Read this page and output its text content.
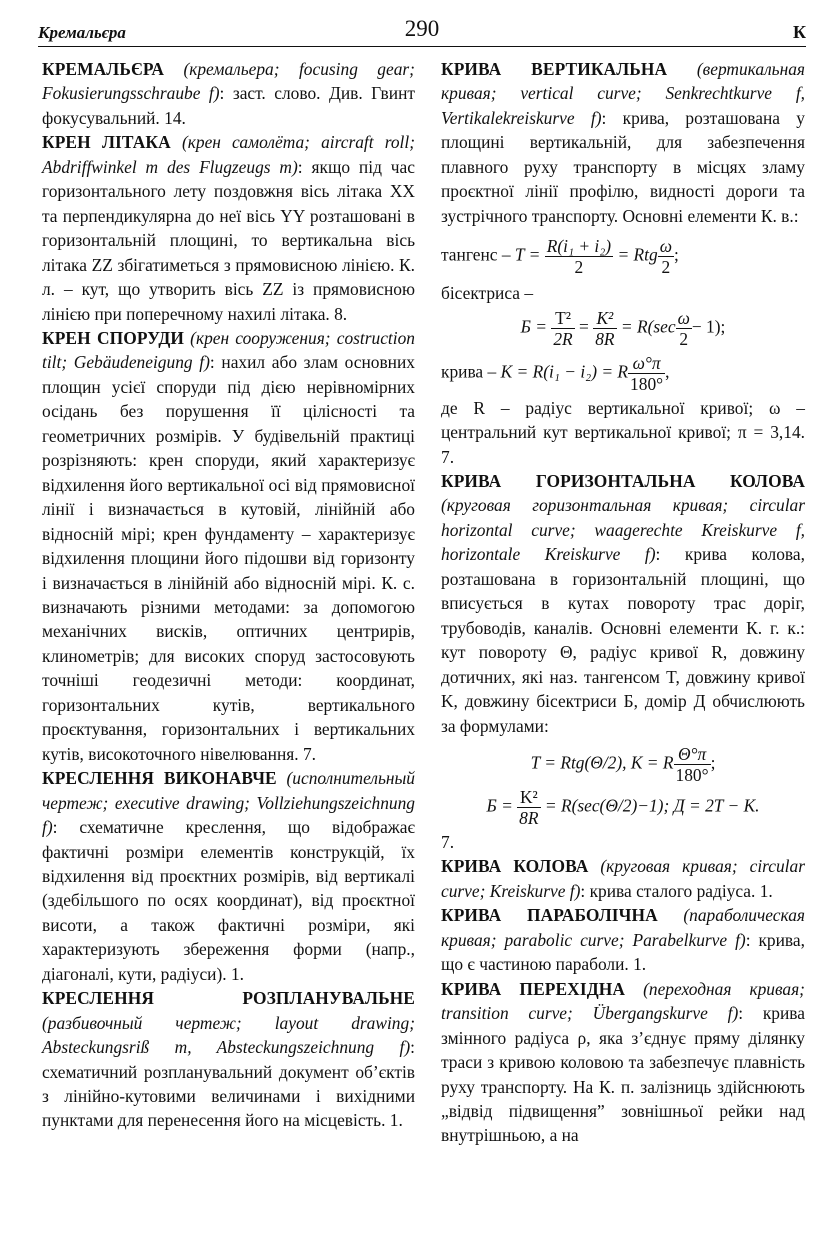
Кремальєра	290	К

КРЕМАЛЬЄРА (кремальера; focusing gear; Fokusierungsschraube f): заст. слово. Див. Гвинт фокусувальний. 14.

КРЕН ЛІТАКА (крен самолёта; aircraft roll; Abdriffwinkel m des Flugzeugs m): якщо під час горизонтального лету поздовжня вісь літака XX та перпендикулярна до неї вісь YY розташовані в горизонтальній площині, то вертикальна вісь літака ZZ збігатиметься з прямовисною лінією. К. л. – кут, що утворить вісь ZZ із прямовисною лінією при поперечному нахилі літака. 8.

КРЕН СПОРУДИ (крен сооружения; costruction tilt; Gebäudeneigung f): нахил або злам основних площин усієї споруди під дією нерівномірних осідань без порушення її цілісності та геометричних розмірів. У будівельній практиці розрізняють: крен споруди, який характеризує відхилення його вертикальної осі від прямовисної лінії і визначається в кутовій, лінійній або відносній мірі; крен фундаменту – характеризує відхилення площини його підошви від горизонту і визначається в лінійній або відносній мірі. К. с. визначають різними методами: за допомогою механічних висків, оптичних центрирів, клинометрів; для високих споруд застосовують точніші геодезичні методи: координат, горизонтальних кутів, вертикального проєктування, горизонтальних і вертикальних кутів, високоточного нівелювання. 7.

КРЕСЛЕННЯ ВИКОНАВЧЕ (исполнительный чертеж; executive drawing; Vollziehungszeichnung f): схематичне креслення, що відображає фактичні розміри елементів конструкцій, їх відхилення від проєктних розмірів, від вертикалі (здебільшого по осях координат), від проєктної висоти, а також фактичні розміри, які характеризують збереження форми (напр., діагоналі, кути, радіуси). 1.

КРЕСЛЕННЯ РОЗПЛАНУВАЛЬНЕ (разбивочный чертеж; layout drawing; Absteckungsriß m, Absteckungszeichnung f): схематичний розпланувальний документ об’єктів з лінійно-кутовими величинами і вихідними пунктами для перенесення його на місцевість. 1.

КРИВА ВЕРТИКАЛЬНА (вертикальная кривая; vertical curve; Senkrechtkurve f, Vertikalekreiskurve f): крива, розташована у площині вертикальній, для забезпечення плавного руху транспорту в місцях зламу проєктної лінії профілю, видності дороги та зустрічного транспорту. Основні елементи К. в.:

тангенс – $T = \frac{\text{R(i₁ + i₂)}}{2}$ = Rtg $\frac{\omega}{2}$ ;
бісектриса –
$Б = \frac{\text{T²}}{2R} = \frac{\text{K²}}{8R} = R(\sec \frac{\omega}{2} - 1)$;
крива – K = R(i₁ − i₂) = R $\frac{\omega^\circ\pi}{180^\circ}$ ,

де R – радіус вертикальної кривої; ω – центральний кут вертикальної кривої; π = 3,14. 7.

КРИВА ГОРИЗОНТАЛЬНА КОЛОВА (круговая горизонтальная кривая; circular horizontal curve; waagerechte Kreiskurve f, horizontale Kreiskurve f): крива колова, розташована в горизонтальній площині, що вписується в кутах повороту трас доріг, трубоводів, каналів. Основні елементи К. г. к.: кут повороту Θ, радіус кривої R, довжину дотичних, які наз. тангенсом T, довжину кривої K, довжину бісектриси Б, домір Д обчислюють за формулами:

T = Rtg(Θ/2), K = R $\frac{\Theta^\circ\pi}{180^\circ}$ ;
$Б = \frac{\text{K²}}{8R} = R(\sec(\Theta/2)-1)$; Д = 2T − K.

7.

КРИВА КОЛОВА (круговая кривая; circular curve; Kreiskurve f): крива сталого радіуса. 1.

КРИВА ПАРАБОЛІЧНА (параболическая кривая; parabolic curve; Parabelkurve f): крива, що є частиною параболи. 1.

КРИВА ПЕРЕХІДНА (переходная кривая; transition curve; Übergangskurve f): крива змінного радіуса ρ, яка з’єднує пряму ділянку траси з кривою коловою та забезпечує плавність руху транспорту. На К. п. залізниць здійснюють „відвід підвищення” зовнішньої рейки над внутрішньою, а на
